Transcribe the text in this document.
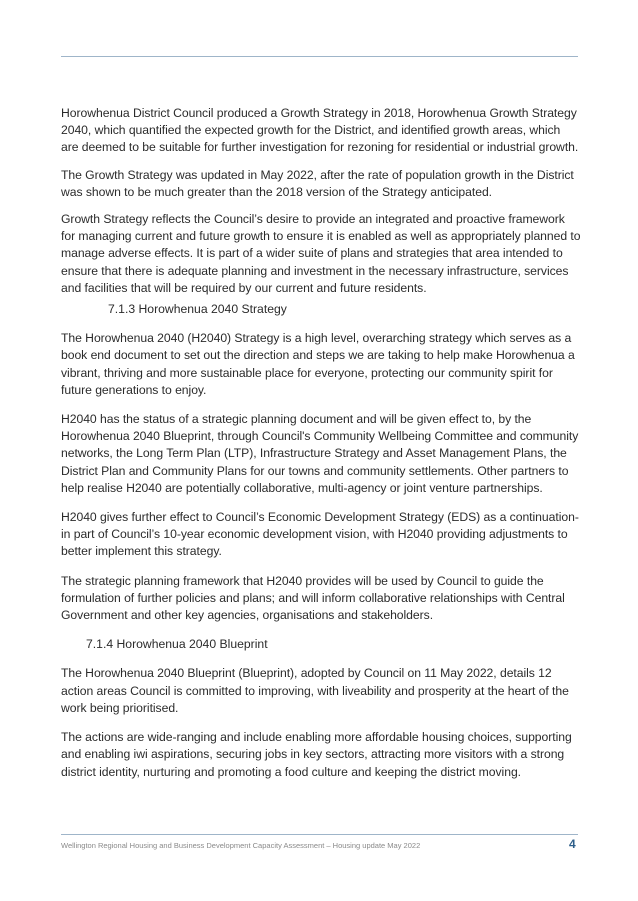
Horowhenua District Council produced a Growth Strategy in 2018, Horowhenua Growth Strategy 2040, which quantified the expected growth for the District, and identified growth areas, which are deemed to be suitable for further investigation for rezoning for residential or industrial growth.

The Growth Strategy was updated in May 2022, after the rate of population growth in the District was shown to be much greater than the 2018 version of the Strategy anticipated.

Growth Strategy reflects the Council’s desire to provide an integrated and proactive framework for managing current and future growth to ensure it is enabled as well as appropriately planned to manage adverse effects. It is part of a wider suite of plans and strategies that area intended to ensure that there is adequate planning and investment in the necessary infrastructure, services and facilities that will be required by our current and future residents.

7.1.3 Horowhenua 2040 Strategy

The Horowhenua 2040 (H2040) Strategy is a high level, overarching strategy which serves as a book end document to set out the direction and steps we are taking to help make Horowhenua a vibrant, thriving and more sustainable place for everyone, protecting our community spirit for future generations to enjoy.

H2040 has the status of a strategic planning document and will be given effect to, by the Horowhenua 2040 Blueprint, through Council's Community Wellbeing Committee and community networks, the Long Term Plan (LTP), Infrastructure Strategy and Asset Management Plans, the District Plan and Community Plans for our towns and community settlements. Other partners to help realise H2040 are potentially collaborative, multi-agency or joint venture partnerships.

H2040 gives further effect to Council’s Economic Development Strategy (EDS) as a continuation-in part of Council’s 10-year economic development vision, with H2040 providing adjustments to better implement this strategy.

The strategic planning framework that H2040 provides will be used by Council to guide the formulation of further policies and plans; and will inform collaborative relationships with Central Government and other key agencies, organisations and stakeholders.

7.1.4 Horowhenua 2040 Blueprint

The Horowhenua 2040 Blueprint (Blueprint), adopted by Council on 11 May 2022, details 12 action areas Council is committed to improving, with liveability and prosperity at the heart of the work being prioritised.

The actions are wide-ranging and include enabling more affordable housing choices, supporting and enabling iwi aspirations, securing jobs in key sectors, attracting more visitors with a strong district identity, nurturing and promoting a food culture and keeping the district moving.

Wellington Regional Housing and Business Development Capacity Assessment – Housing update May 2022	4
